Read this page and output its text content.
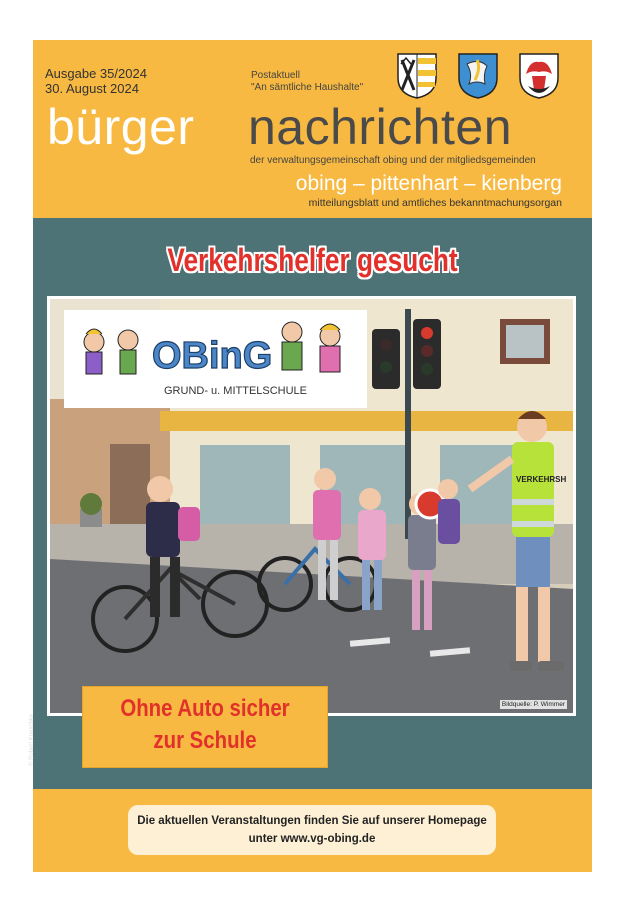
Ausgabe 35/2024
30. August 2024
Postaktuell
"An sämtliche Haushalte"
bürger nachrichten
der verwaltungsgemeinschaft obing und der mitgliedsgemeinden
obing – pittenhart – kienberg
mitteilungsblatt und amtliches bekanntmachungsorgan
Verkehrshelfer gesucht
VERKEHRSH
OBinG
GRUND- u. MITTELSCHULE
Bildquelle: P. Wimmer
© Robert Kneschke
Ohne Auto sicher
zur Schule
Die aktuellen Veranstaltungen finden Sie auf unserer Homepage
unter www.vg-obing.de
